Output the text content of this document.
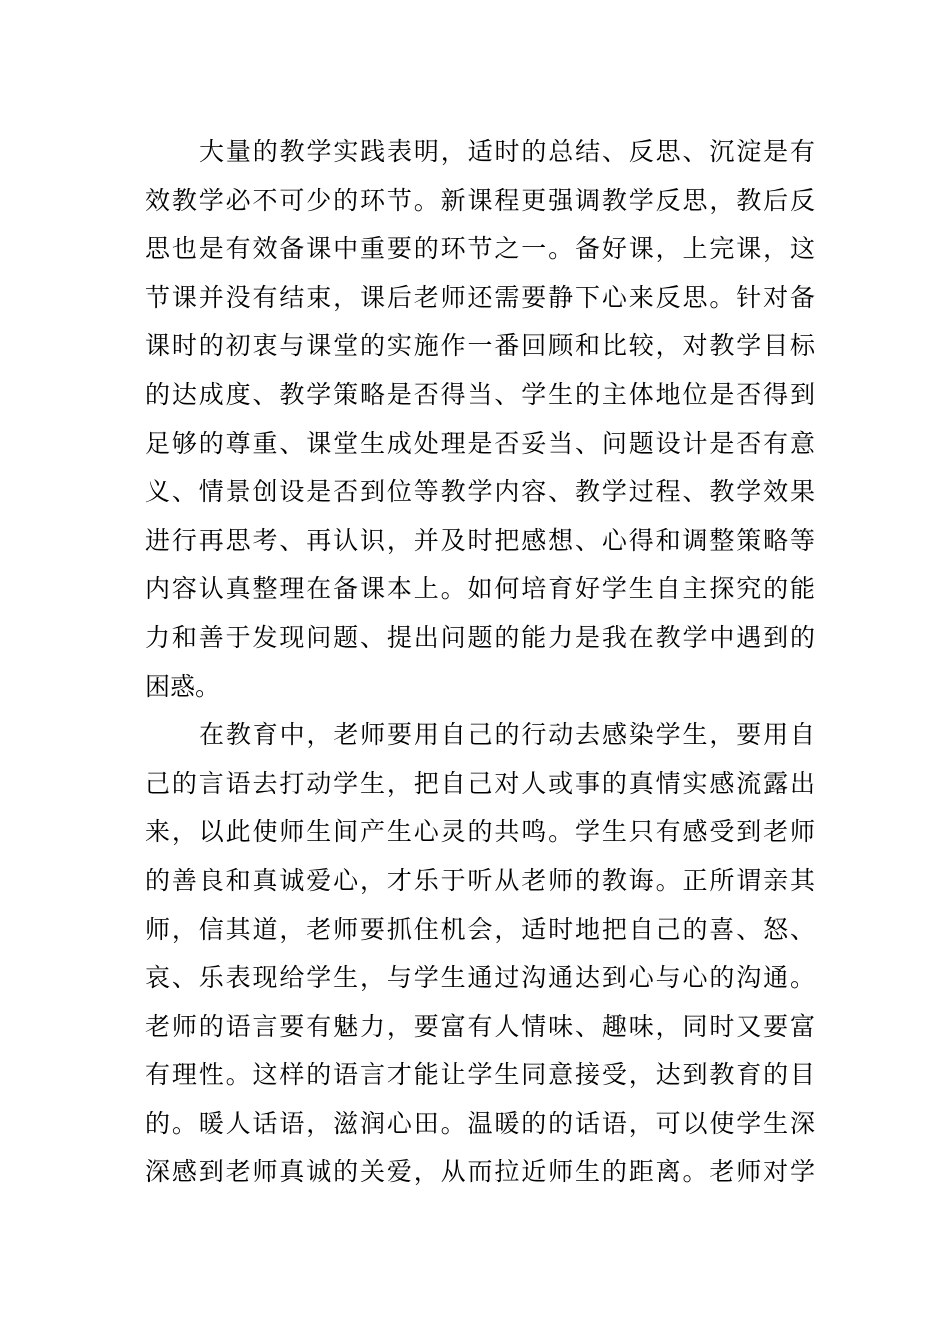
大量的教学实践表明，适时的总结、反思、沉淀是有
效教学必不可少的环节。新课程更强调教学反思，教后反
思也是有效备课中重要的环节之一。备好课，上完课，这
节课并没有结束，课后老师还需要静下心来反思。针对备
课时的初衷与课堂的实施作一番回顾和比较，对教学目标
的达成度、教学策略是否得当、学生的主体地位是否得到
足够的尊重、课堂生成处理是否妥当、问题设计是否有意
义、情景创设是否到位等教学内容、教学过程、教学效果
进行再思考、再认识，并及时把感想、心得和调整策略等
内容认真整理在备课本上。如何培育好学生自主探究的能
力和善于发现问题、提出问题的能力是我在教学中遇到的
困惑。
在教育中，老师要用自己的行动去感染学生，要用自
己的言语去打动学生，把自己对人或事的真情实感流露出
来，以此使师生间产生心灵的共鸣。学生只有感受到老师
的善良和真诚爱心，才乐于听从老师的教诲。正所谓亲其
师，信其道，老师要抓住机会，适时地把自己的喜、怒、
哀、乐表现给学生，与学生通过沟通达到心与心的沟通。
老师的语言要有魅力，要富有人情味、趣味，同时又要富
有理性。这样的语言才能让学生同意接受，达到教育的目
的。暖人话语，滋润心田。温暖的的话语，可以使学生深
深感到老师真诚的关爱，从而拉近师生的距离。老师对学
